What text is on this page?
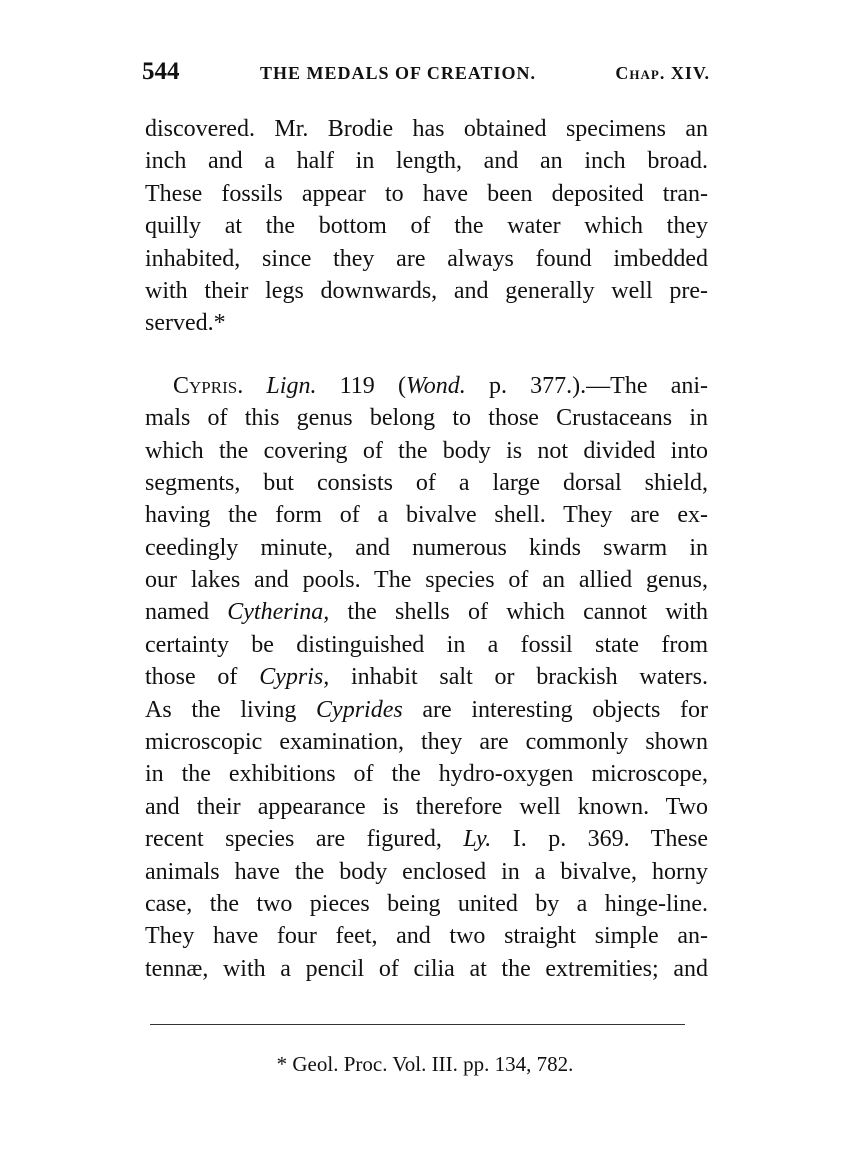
544	THE MEDALS OF CREATION.	Chap. XIV.
discovered. Mr. Brodie has obtained specimens an
inch and a half in length, and an inch broad.
These fossils appear to have been deposited tran-
quilly at the bottom of the water which they
inhabited, since they are always found imbedded
with their legs downwards, and generally well pre-
served.*
Cypris. Lign. 119 (Wond. p. 377.).—The ani-
mals of this genus belong to those Crustaceans in
which the covering of the body is not divided into
segments, but consists of a large dorsal shield,
having the form of a bivalve shell. They are ex-
ceedingly minute, and numerous kinds swarm in
our lakes and pools. The species of an allied genus,
named Cytherina, the shells of which cannot with
certainty be distinguished in a fossil state from
those of Cypris, inhabit salt or brackish waters.
As the living Cyprides are interesting objects for
microscopic examination, they are commonly shown
in the exhibitions of the hydro-oxygen microscope,
and their appearance is therefore well known. Two
recent species are figured, Ly. I. p. 369. These
animals have the body enclosed in a bivalve, horny
case, the two pieces being united by a hinge-line.
They have four feet, and two straight simple an-
tennæ, with a pencil of cilia at the extremities; and
* Geol. Proc. Vol. III. pp. 134, 782.
